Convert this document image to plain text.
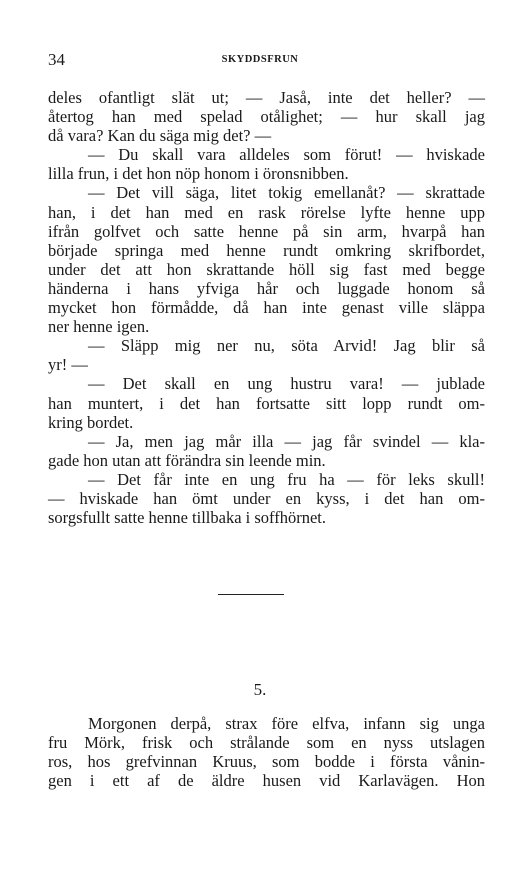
34	SKYDDSFRUN
deles ofantligt slät ut; — Jaså, inte det heller? —
återtog han med spelad otålighet; — hur skall jag
då vara? Kan du säga mig det? —
— Du skall vara alldeles som förut! — hviskade
lilla frun, i det hon nöp honom i öronsnibben.
— Det vill säga, litet tokig emellanåt? — skrattade
han, i det han med en rask rörelse lyfte henne upp
ifrån golfvet och satte henne på sin arm, hvarpå han
började springa med henne rundt omkring skrifbordet,
under det att hon skrattande höll sig fast med begge
händerna i hans yfviga hår och luggade honom så
mycket hon förmådde, då han inte genast ville släppa
ner henne igen.
— Släpp mig ner nu, söta Arvid! Jag blir så
yr! —
— Det skall en ung hustru vara! — jublade
han muntert, i det han fortsatte sitt lopp rundt om-
kring bordet.
— Ja, men jag mår illa — jag får svindel — kla-
gade hon utan att förändra sin leende min.
— Det får inte en ung fru ha — för leks skull!
— hviskade han ömt under en kyss, i det han om-
sorgsfullt satte henne tillbaka i soffhörnet.
5.
Morgonen derpå, strax före elfva, infann sig unga
fru Mörk, frisk och strålande som en nyss utslagen
ros, hos grefvinnan Kruus, som bodde i första vånin-
gen i ett af de äldre husen vid Karlavägen. Hon
